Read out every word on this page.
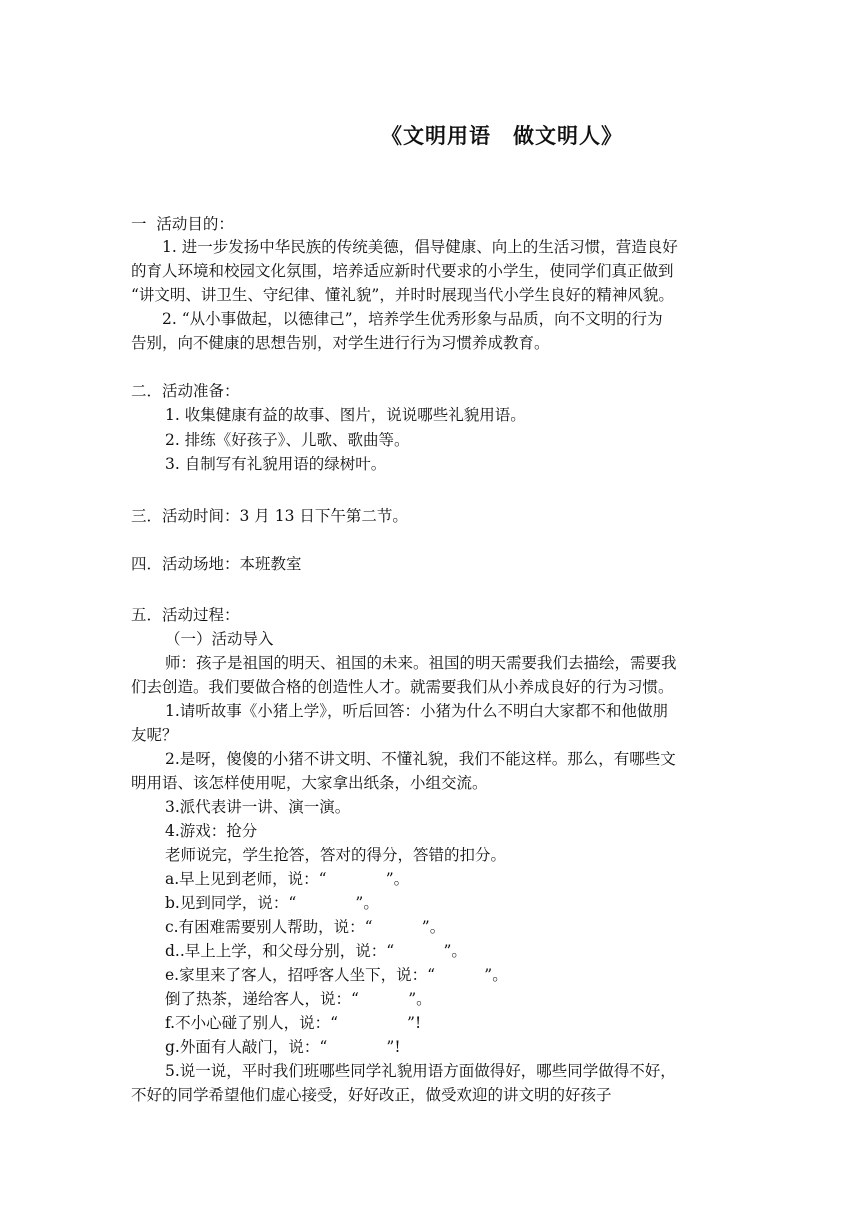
《文明用语　做文明人》
一  活动目的：
1. 进一步发扬中华民族的传统美德，倡导健康、向上的生活习惯，营造良好
的育人环境和校园文化氛围，培养适应新时代要求的小学生，使同学们真正做到
“讲文明、讲卫生、守纪律、懂礼貌”，并时时展现当代小学生良好的精神风貌。
2. “从小事做起，以德律己”，培养学生优秀形象与品质，向不文明的行为
告别，向不健康的思想告别，对学生进行行为习惯养成教育。
二．活动准备：
1. 收集健康有益的故事、图片，说说哪些礼貌用语。
2. 排练《好孩子》、儿歌、歌曲等。
3. 自制写有礼貌用语的绿树叶。
三．活动时间：3 月 13 日下午第二节。
四．活动场地：本班教室
五．活动过程：
（一）活动导入
师：孩子是祖国的明天、祖国的未来。祖国的明天需要我们去描绘，需要我
们去创造。我们要做合格的创造性人才。就需要我们从小养成良好的行为习惯。
1.请听故事《小猪上学》，听后回答：小猪为什么不明白大家都不和他做朋
友呢？
2.是呀，傻傻的小猪不讲文明、不懂礼貌，我们不能这样。那么，有哪些文
明用语、该怎样使用呢，大家拿出纸条，小组交流。
3.派代表讲一讲、演一演。
4.游戏：抢分
老师说完，学生抢答，答对的得分，答错的扣分。
a.早上见到老师，说：“            ”。
b.见到同学，说：“            ”。
c.有困难需要别人帮助，说：“          ”。
d..早上上学，和父母分别，说：“          ”。
e.家里来了客人，招呼客人坐下，说：“          ”。
倒了热茶，递给客人，说：“          ”。
f.不小心碰了别人，说：“              ”!
g.外面有人敲门，说：“            ”!
5.说一说，平时我们班哪些同学礼貌用语方面做得好，哪些同学做得不好，
不好的同学希望他们虚心接受，好好改正，做受欢迎的讲文明的好孩子
